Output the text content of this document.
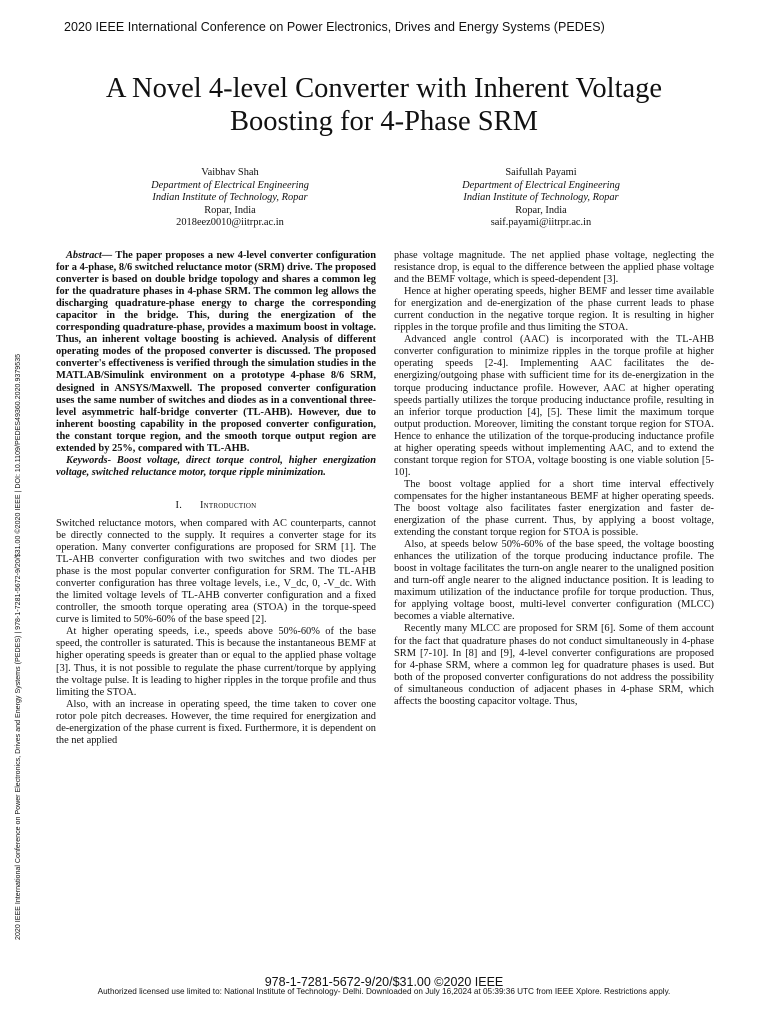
2020 IEEE International Conference on Power Electronics, Drives and Energy Systems (PEDES)
A Novel 4-level Converter with Inherent Voltage
Boosting for 4-Phase SRM
Vaibhav Shah
Department of Electrical Engineering
Indian Institute of Technology, Ropar
Ropar, India
2018eez0010@iitrpr.ac.in
Saifullah Payami
Department of Electrical Engineering
Indian Institute of Technology, Ropar
Ropar, India
saif.payami@iitrpr.ac.in

Abstract— The paper proposes a new 4-level converter configuration for a 4-phase, 8/6 switched reluctance motor (SRM) drive. The proposed converter is based on double bridge topology and shares a common leg for the quadrature phases in 4-phase SRM. The common leg allows the discharging quadrature-phase energy to charge the corresponding capacitor in the bridge. This, during the energization of the corresponding quadrature-phase, provides a maximum boost in voltage. Thus, an inherent voltage boosting is achieved. Analysis of different operating modes of the proposed converter is discussed. The proposed converter's effectiveness is verified through the simulation studies in the MATLAB/Simulink environment on a prototype 4-phase 8/6 SRM, designed in ANSYS/Maxwell. The proposed converter configuration uses the same number of switches and diodes as in a conventional three-level asymmetric half-bridge converter (TL-AHB). However, due to inherent boosting capability in the proposed converter configuration, the constant torque region, and the smooth torque output region are extended by 25%, compared with TL-AHB.

Keywords- Boost voltage, direct torque control, higher energization voltage, switched reluctance motor, torque ripple minimization.

I. Introduction

Switched reluctance motors, when compared with AC counterparts, cannot be directly connected to the supply. It requires a converter stage for its operation. Many converter configurations are proposed for SRM [1]. The TL-AHB converter configuration with two switches and two diodes per phase is the most popular converter configuration for SRM. The TL-AHB converter configuration has three voltage levels, i.e., V_dc, 0, -V_dc. With the limited voltage levels of TL-AHB converter configuration and a fixed controller, the smooth torque operating area (STOA) in the torque-speed curve is limited to 50%-60% of the base speed [2].

At higher operating speeds, i.e., speeds above 50%-60% of the base speed, the controller is saturated. This is because the instantaneous BEMF at higher operating speeds is greater than or equal to the applied phase voltage [3]. Thus, it is not possible to regulate the phase current/torque by applying the voltage pulse. It is leading to higher ripples in the torque profile and thus limiting the STOA.

Also, with an increase in operating speed, the time taken to cover one rotor pole pitch decreases. However, the time required for energization and de-energization of the phase current is fixed. Furthermore, it is dependent on the net applied

phase voltage magnitude. The net applied phase voltage, neglecting the resistance drop, is equal to the difference between the applied phase voltage and the BEMF voltage, which is speed-dependent [3].

Hence at higher operating speeds, higher BEMF and lesser time available for energization and de-energization of the phase current leads to phase current conduction in the negative torque region. It is resulting in higher ripples in the torque profile and thus limiting the STOA.

Advanced angle control (AAC) is incorporated with the TL-AHB converter configuration to minimize ripples in the torque profile at higher operating speeds [2-4]. Implementing AAC facilitates the de-energizing/outgoing phase with sufficient time for its de-energization in the torque producing inductance profile. However, AAC at higher operating speeds partially utilizes the torque producing inductance profile, resulting in an inferior torque production [4], [5]. These limit the maximum torque output production. Moreover, limiting the constant torque region for STOA. Hence to enhance the utilization of the torque-producing inductance profile at higher operating speeds without implementing AAC, and to extend the constant torque region for STOA, voltage boosting is one viable solution [5-10].

The boost voltage applied for a short time interval effectively compensates for the higher instantaneous BEMF at higher operating speeds. The boost voltage also facilitates faster energization and faster de-energization of the phase current. Thus, by applying a boost voltage, extending the constant torque region for STOA is possible.

Also, at speeds below 50%-60% of the base speed, the voltage boosting enhances the utilization of the torque producing inductance profile. The boost in voltage facilitates the turn-on angle nearer to the unaligned position and turn-off angle nearer to the aligned inductance position. It is leading to maximum utilization of the inductance profile for torque production. Thus, for applying voltage boost, multi-level converter configuration (MLCC) becomes a viable alternative.

Recently many MLCC are proposed for SRM [6]. Some of them account for the fact that quadrature phases do not conduct simultaneously in 4-phase SRM [7-10]. In [8] and [9], 4-level converter configurations are proposed for 4-phase SRM, where a common leg for quadrature phases is used. But both of the proposed converter configurations do not address the possibility of simultaneous conduction of adjacent phases in 4-phase SRM, which affects the boosting capacitor voltage. Thus,

2020 IEEE International Conference on Power Electronics, Drives and Energy Systems (PEDES) | 978-1-7281-5672-9/20/$31.00 ©2020 IEEE | DOI: 10.1109/PEDES49360.2020.9379535
978-1-7281-5672-9/20/$31.00 ©2020 IEEE
Authorized licensed use limited to: National Institute of Technology- Delhi. Downloaded on July 16,2024 at 05:39:36 UTC from IEEE Xplore. Restrictions apply.
